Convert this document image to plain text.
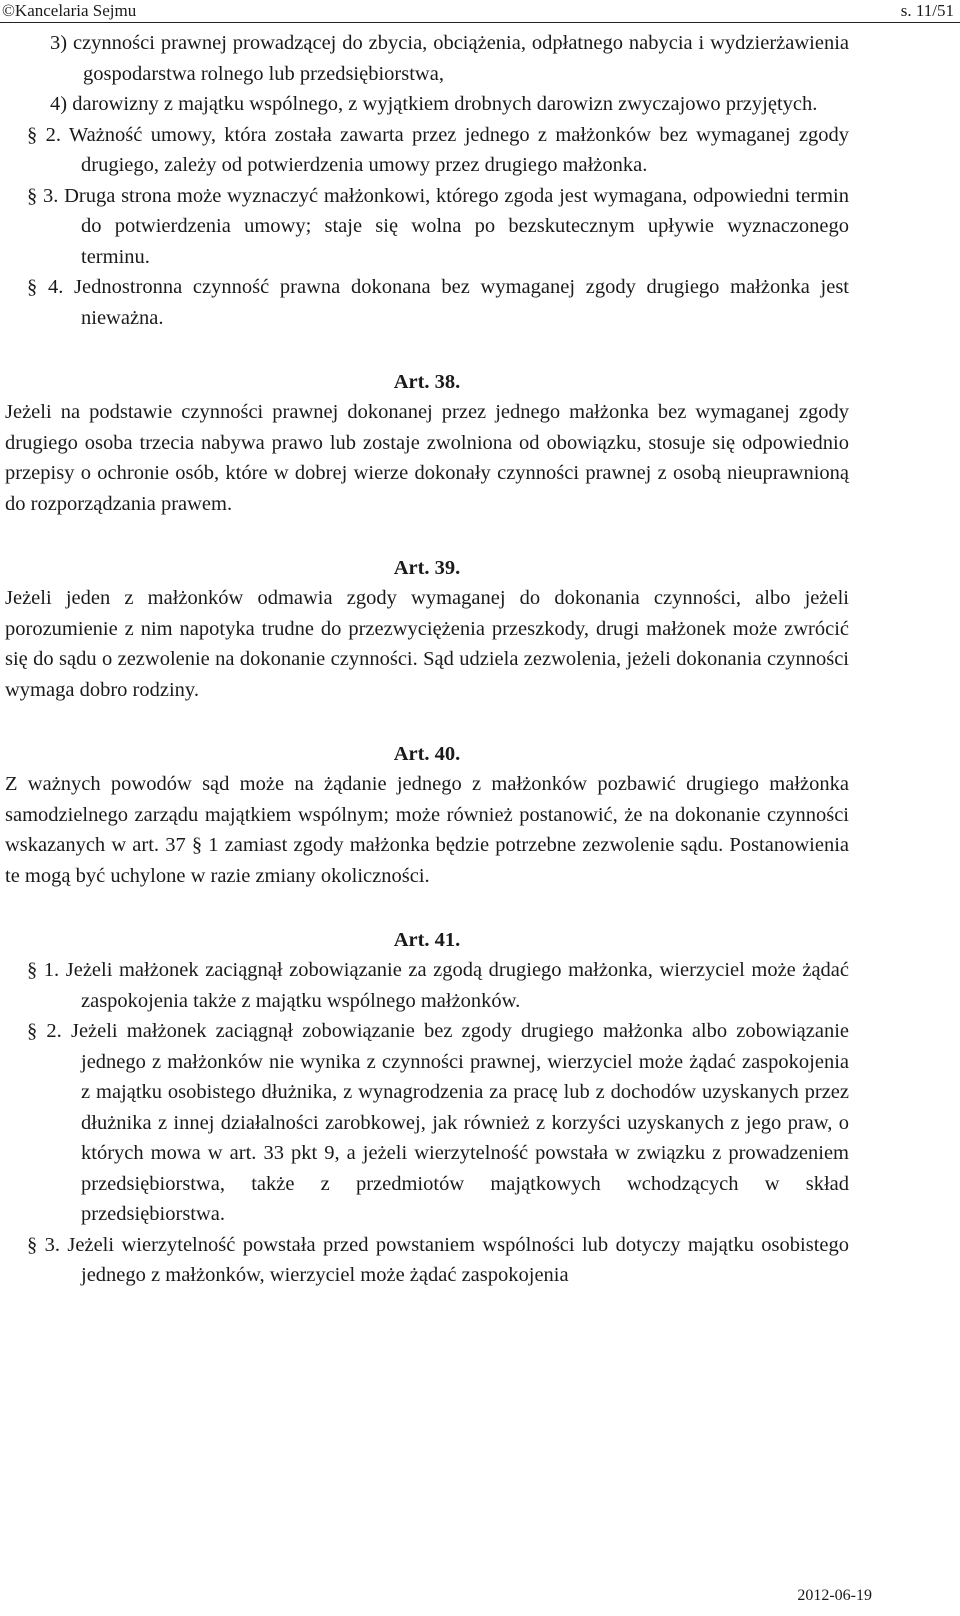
©Kancelaria Sejmu	s. 11/51

3) czynności prawnej prowadzącej do zbycia, obciążenia, odpłatnego nabycia i wydzierżawienia gospodarstwa rolnego lub przedsiębiorstwa,

4) darowizny z majątku wspólnego, z wyjątkiem drobnych darowizn zwyczajowo przyjętych.

§ 2. Ważność umowy, która została zawarta przez jednego z małżonków bez wymaganej zgody drugiego, zależy od potwierdzenia umowy przez drugiego małżonka.

§ 3. Druga strona może wyznaczyć małżonkowi, którego zgoda jest wymagana, odpowiedni termin do potwierdzenia umowy; staje się wolna po bezskutecznym upływie wyznaczonego terminu.

§ 4. Jednostronna czynność prawna dokonana bez wymaganej zgody drugiego małżonka jest nieważna.

Art. 38.

Jeżeli na podstawie czynności prawnej dokonanej przez jednego małżonka bez wymaganej zgody drugiego osoba trzecia nabywa prawo lub zostaje zwolniona od obowiązku, stosuje się odpowiednio przepisy o ochronie osób, które w dobrej wierze dokonały czynności prawnej z osobą nieuprawnioną do rozporządzania prawem.

Art. 39.

Jeżeli jeden z małżonków odmawia zgody wymaganej do dokonania czynności, albo jeżeli porozumienie z nim napotyka trudne do przezwyciężenia przeszkody, drugi małżonek może zwrócić się do sądu o zezwolenie na dokonanie czynności. Sąd udziela zezwolenia, jeżeli dokonania czynności wymaga dobro rodziny.

Art. 40.

Z ważnych powodów sąd może na żądanie jednego z małżonków pozbawić drugiego małżonka samodzielnego zarządu majątkiem wspólnym; może również postanowić, że na dokonanie czynności wskazanych w art. 37 § 1 zamiast zgody małżonka będzie potrzebne zezwolenie sądu. Postanowienia te mogą być uchylone w razie zmiany okoliczności.

Art. 41.

§ 1. Jeżeli małżonek zaciągnął zobowiązanie za zgodą drugiego małżonka, wierzyciel może żądać zaspokojenia także z majątku wspólnego małżonków.

§ 2. Jeżeli małżonek zaciągnął zobowiązanie bez zgody drugiego małżonka albo zobowiązanie jednego z małżonków nie wynika z czynności prawnej, wierzyciel może żądać zaspokojenia z majątku osobistego dłużnika, z wynagrodzenia za pracę lub z dochodów uzyskanych przez dłużnika z innej działalności zarobkowej, jak również z korzyści uzyskanych z jego praw, o których mowa w art. 33 pkt 9, a jeżeli wierzytelność powstała w związku z prowadzeniem przedsiębiorstwa, także z przedmiotów majątkowych wchodzących w skład przedsiębiorstwa.

§ 3. Jeżeli wierzytelność powstała przed powstaniem wspólności lub dotyczy majątku osobistego jednego z małżonków, wierzyciel może żądać zaspokojenia

2012-06-19
